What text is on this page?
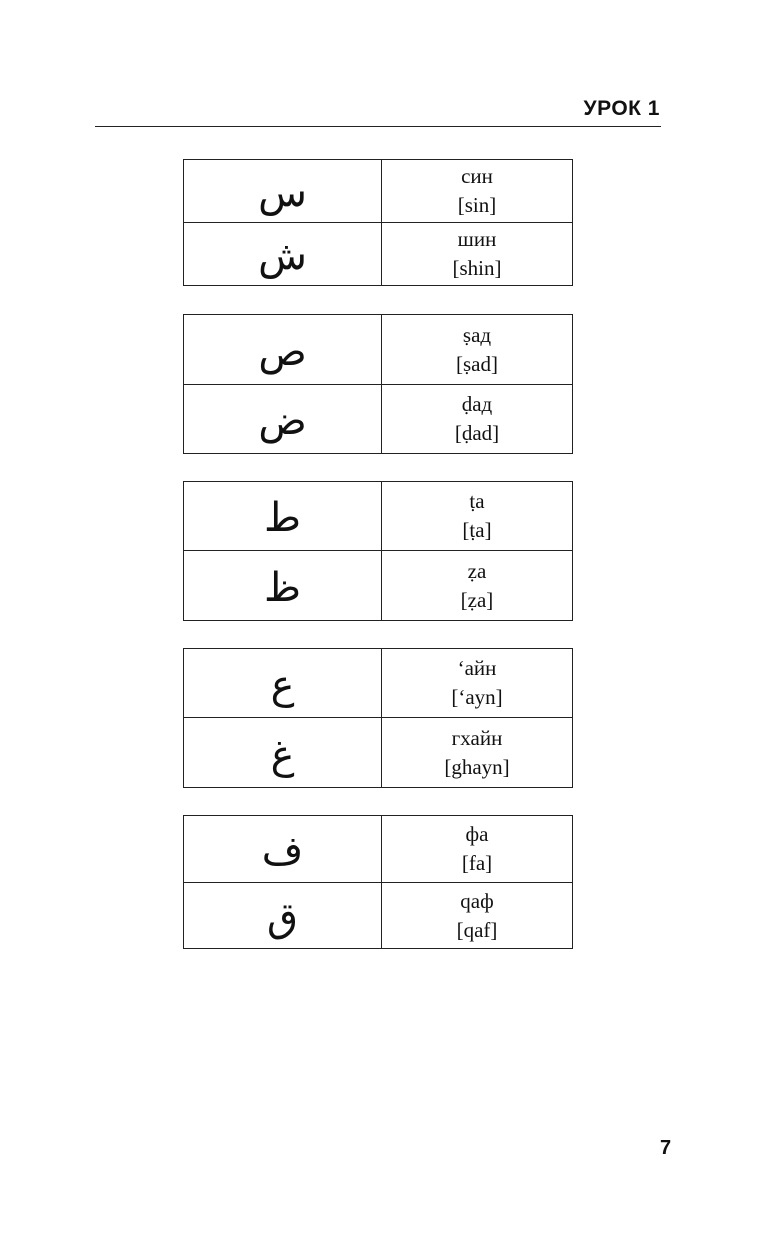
УРОК 1
س	син
[sin]

ش	шин
[shin]
ص	ṣад
[ṣad]

ض	ḍад
[ḍad]
ط	ṭа
[ṭa]

ظ	ẓа
[ẓa]
ع	‘айн
[‘ayn]

غ	гхайн
[ghayn]
ف	фа
[fa]

ق	qаф
[qaf]
7
